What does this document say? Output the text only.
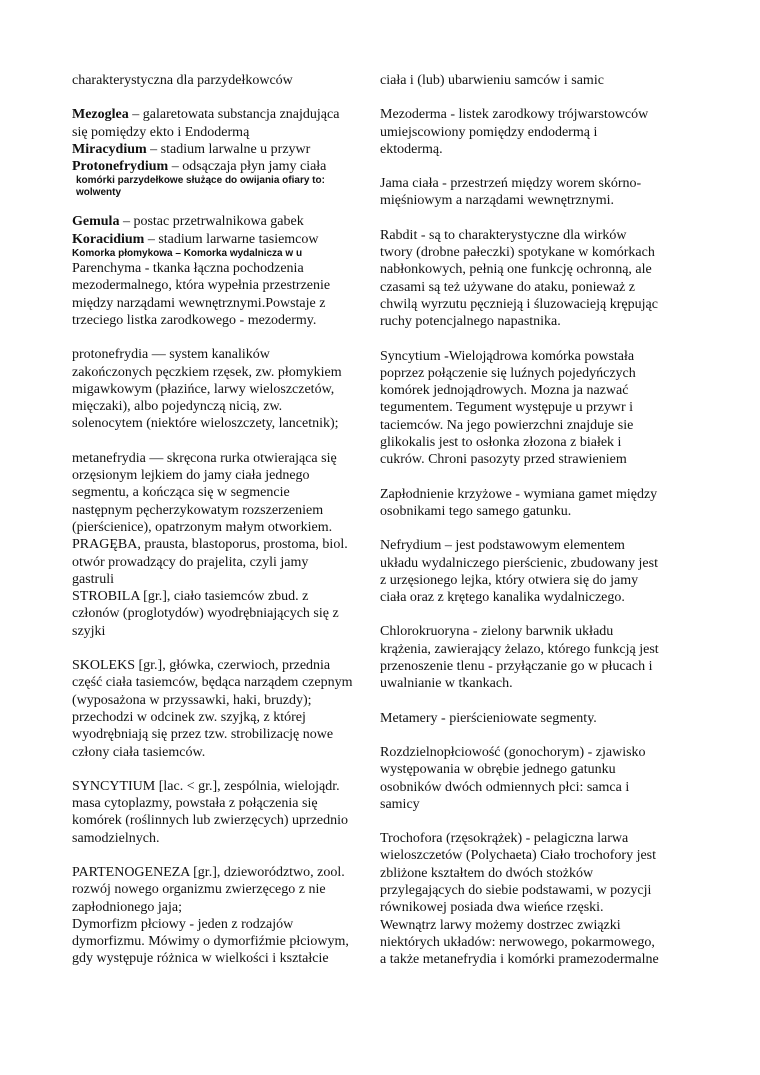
charakterystyczna dla parzydełkowców

Mezoglea – galaretowata substancja znajdująca
się pomiędzy ekto i Endodermą

Miracydium – stadium larwalne u przywr

Protonefrydium – odsączaja płyn jamy ciała

komórki parzydełkowe służące do owijania ofiary to:
wolwenty

Gemula – postac przetrwalnikowa gabek

Koracidium – stadium larwarne tasiemcow

Komorka płomykowa – Komorka wydalnicza w u

Parenchyma - tkanka łączna pochodzenia
mezodermalnego, która wypełnia przestrzenie
między narządami wewnętrznymi.Powstaje z
trzeciego listka zarodkowego - mezodermy.

protonefrydia — system kanalików
zakończonych pęczkiem rzęsek, zw. płomykiem
migawkowym (płazińce, larwy wieloszczetów,
mięczaki), albo pojedynczą nicią, zw.
solenocytem (niektóre wieloszczety, lancetnik);

metanefrydia — skręcona rurka otwierająca się
orzęsionym lejkiem do jamy ciała jednego
segmentu, a kończąca się w segmencie
następnym pęcherzykowatym rozszerzeniem
(pierścienice), opatrzonym małym otworkiem.

PRAGĘBA, prausta, blastoporus, prostoma, biol.
otwór prowadzący do prajelita, czyli jamy
gastruli

STROBILA [gr.], ciało tasiemców zbud. z
członów (proglotydów) wyodrębniających się z
szyjki

SKOLEKS [gr.], główka, czerwioch, przednia

część ciała tasiemców, będąca narządem czepnym

(wyposażona w przyssawki, haki, bruzdy);
przechodzi w odcinek zw. szyjką, z której
wyodrębniają się przez tzw. strobilizację nowe
człony ciała tasiemców.

SYNCYTIUM [lac. < gr.], zespólnia, wielojądr.
masa cytoplazmy, powstała z połączenia się
komórek (roślinnych lub zwierzęcych) uprzednio
samodzielnych.

PARTENOGENEZA [gr.], dzieworództwo, zool.
rozwój nowego organizmu zwierzęcego z nie
zapłodnionego jaja;

Dymorfizm płciowy - jeden z rodzajów
dymorfizmu. Mówimy o dymorfiźmie płciowym,
gdy występuje różnica w wielkości i kształcie

ciała i (lub) ubarwieniu samców i samic

Mezoderma - listek zarodkowy trójwarstowców
umiejscowiony pomiędzy endodermą i
ektodermą.

Jama ciała - przestrzeń między worem skórno-
mięśniowym a narządami wewnętrznymi.

Rabdit - są to charakterystyczne dla wirków
twory (drobne pałeczki) spotykane w komórkach
nabłonkowych, pełnią one funkcję ochronną, ale
czasami są też używane do ataku, ponieważ z
chwilą wyrzutu pęcznieją i śluzowacieją krępując
ruchy potencjalnego napastnika.

Syncytium -Wielojądrowa komórka powstała
poprzez połączenie się luźnych pojedyńczych
komórek jednojądrowych. Mozna ja nazwać
tegumentem. Tegument występuje u przywr i
taciemców. Na jego powierzchni znajduje sie
glikokalis jest to osłonka złozona z białek i
cukrów. Chroni pasozyty przed strawieniem

Zapłodnienie krzyżowe - wymiana gamet między
osobnikami tego samego gatunku.

Nefrydium – jest podstawowym elementem
układu wydalniczego pierścienic, zbudowany jest
z urzęsionego lejka, który otwiera się do jamy
ciała oraz z krętego kanalika wydalniczego.

Chlorokruoryna - zielony barwnik układu
krążenia, zawierający żelazo, którego funkcją jest
przenoszenie tlenu - przyłączanie go w płucach i

uwalnianie w tkankach.

Metamery - pierścieniowate segmenty.

Rozdzielnopłciowość (gonochorym) - zjawisko
występowania w obrębie jednego gatunku
osobników dwóch odmiennych płci: samca i
samicy

Trochofora (rzęsokrążek) - pelagiczna larwa
wieloszczetów (Polychaeta) Ciało trochofory jest
zbliżone kształtem do dwóch stożków
przylegających do siebie podstawami, w pozycji
równikowej posiada dwa wieńce rzęski.
Wewnątrz larwy możemy dostrzec związki
niektórych układów: nerwowego, pokarmowego,
a także metanefrydia i komórki pramezodermalne
